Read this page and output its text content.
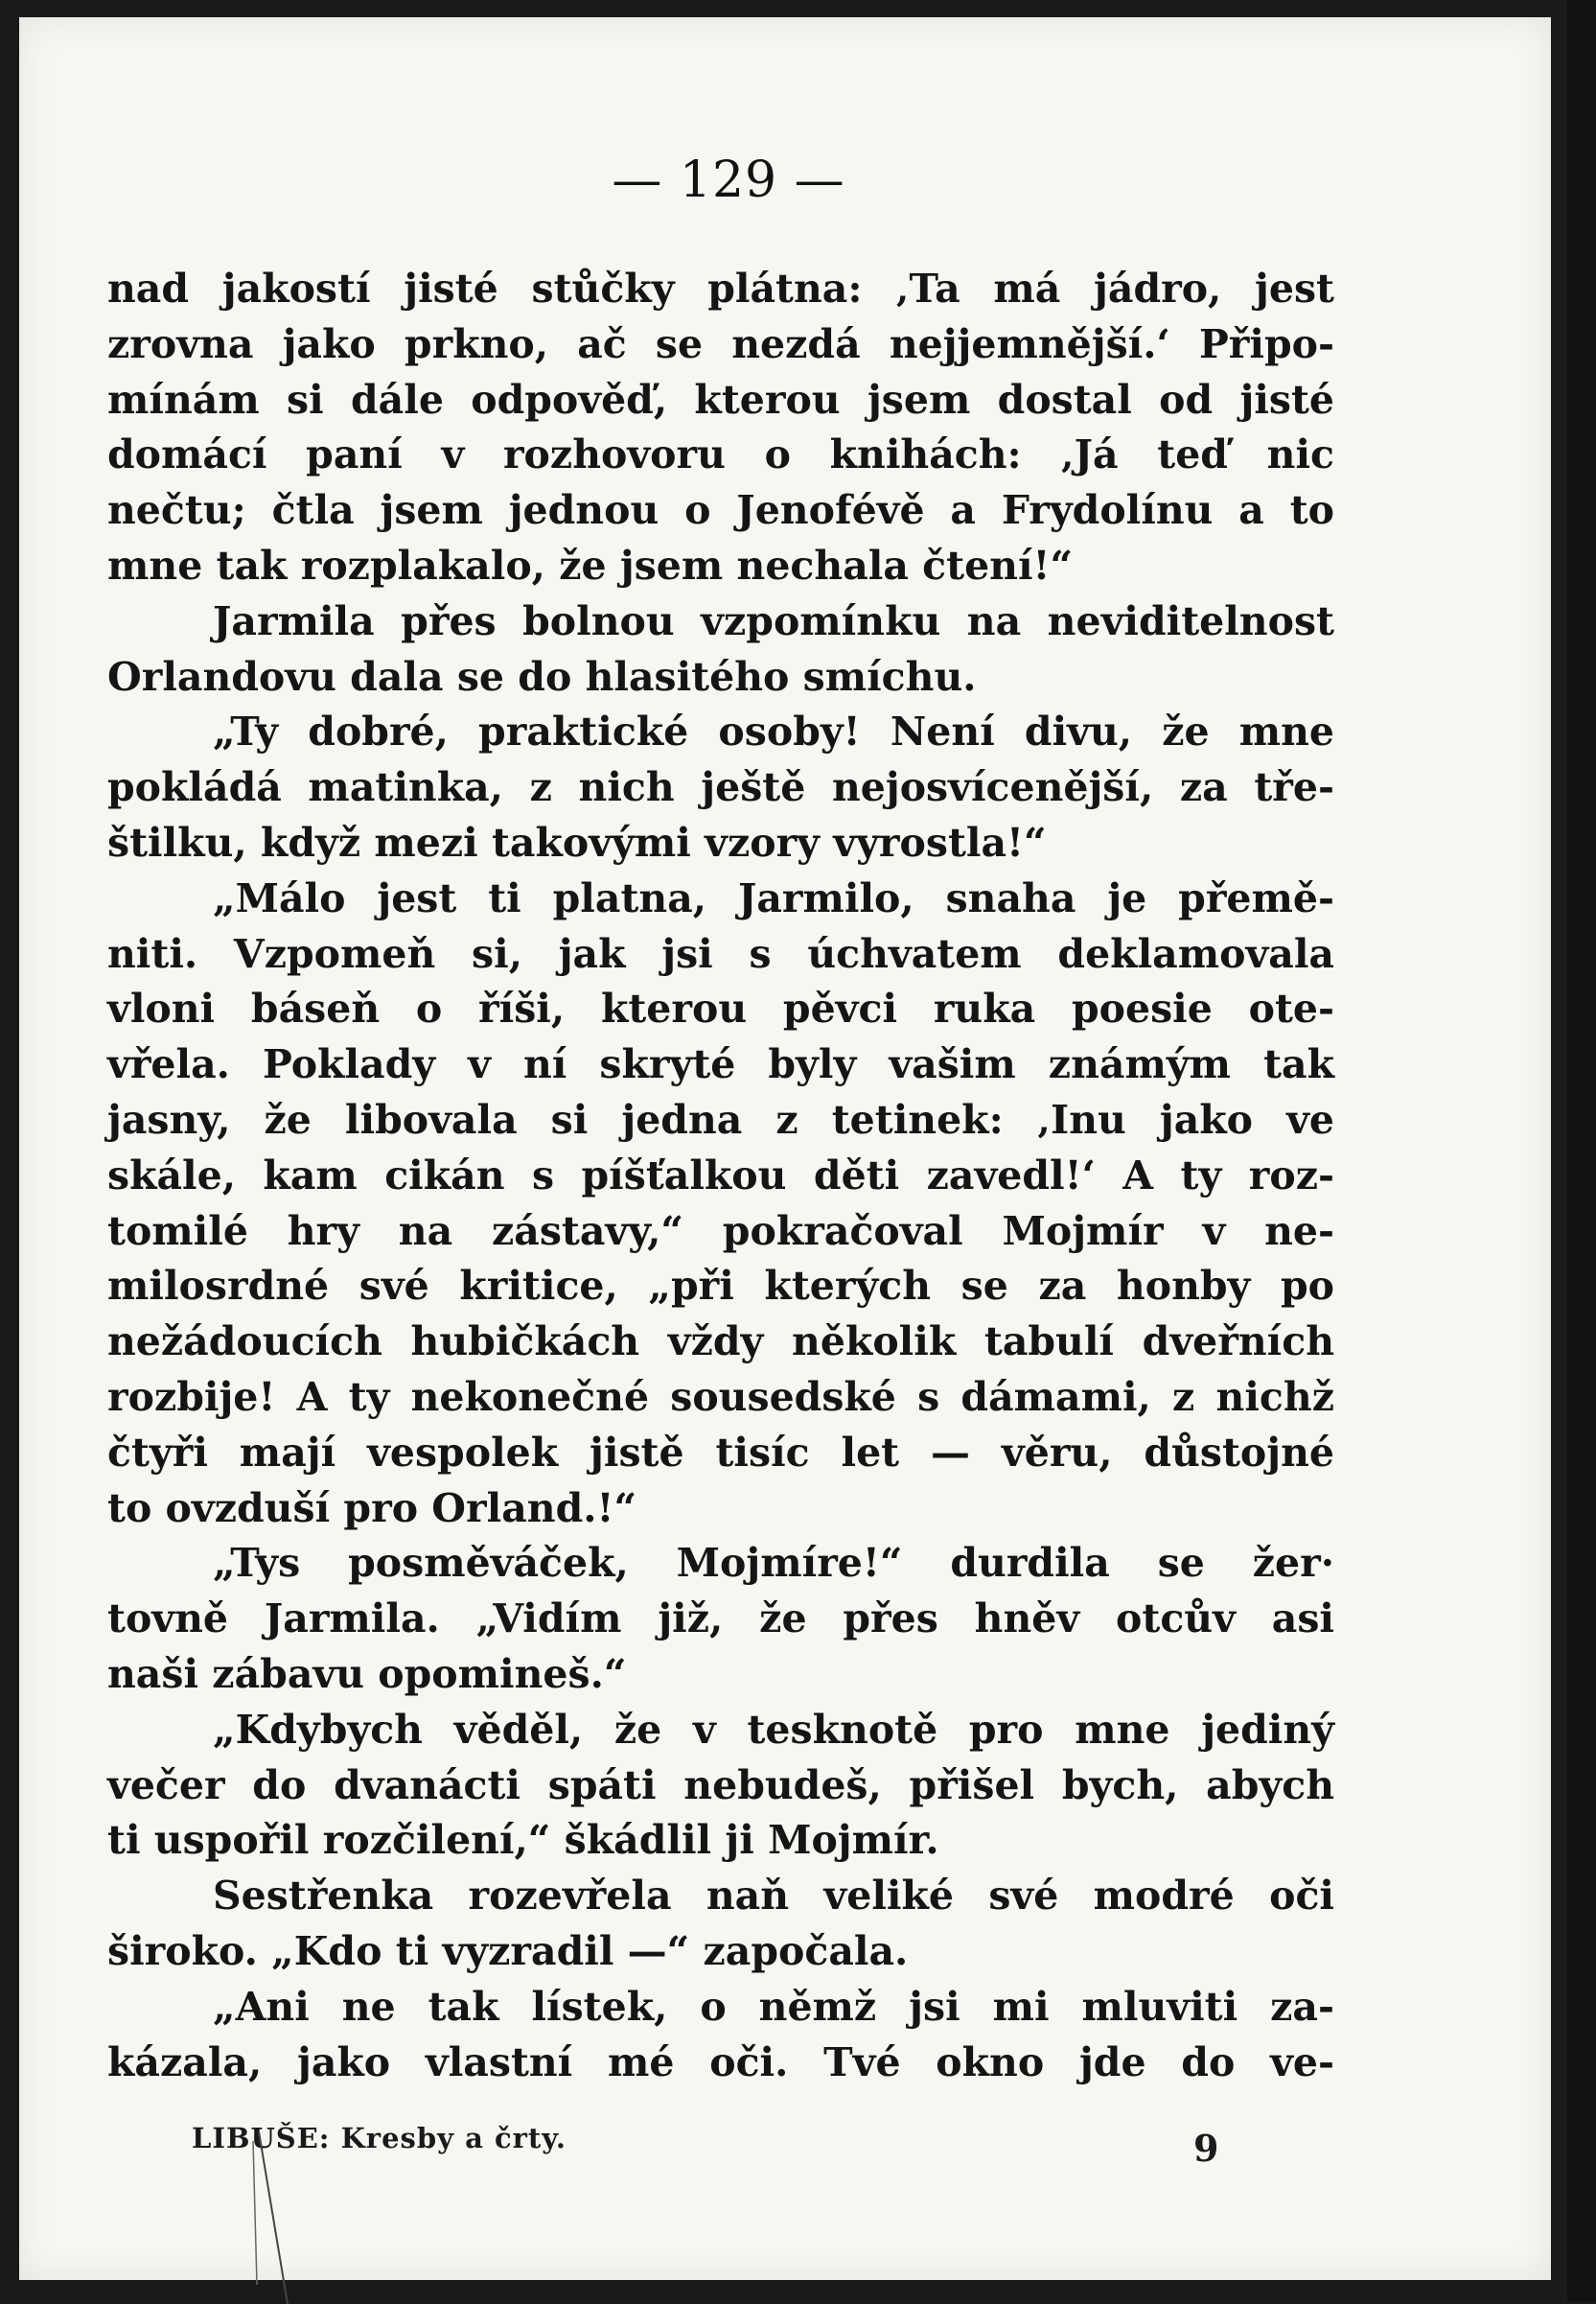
— 129 —
nad jakostí jisté stůčky plátna: ‚Ta má jádro, jest
zrovna jako prkno, ač se nezdá nejjemnější.‘ Připo-
mínám si dále odpověď, kterou jsem dostal od jisté
domácí paní v rozhovoru o knihách: ‚Já teď nic
nečtu; čtla jsem jednou o Jenofévě a Frydolínu a to
mne tak rozplakalo, že jsem nechala čtení!“
Jarmila přes bolnou vzpomínku na neviditelnost
Orlandovu dala se do hlasitého smíchu.
„Ty dobré, praktické osoby! Není divu, že mne
pokládá matinka, z nich ještě nejosvícenější, za tře-
štilku, když mezi takovými vzory vyrostla!“
„Málo jest ti platna, Jarmilo, snaha je přemě-
niti. Vzpomeň si, jak jsi s úchvatem deklamovala
vloni báseň o říši, kterou pěvci ruka poesie ote-
vřela. Poklady v ní skryté byly vašim známým tak
jasny, že libovala si jedna z tetinek: ‚Inu jako ve
skále, kam cikán s píšťalkou děti zavedl!‘ A ty roz-
tomilé hry na zástavy,“ pokračoval Mojmír v ne-
milosrdné své kritice, „při kterých se za honby po
nežádoucích hubičkách vždy několik tabulí dveřních
rozbije! A ty nekonečné sousedské s dámami, z nichž
čtyři mají vespolek jistě tisíc let — věru, důstojné
to ovzduší pro Orland.!“
„Tys posměváček, Mojmíre!“ durdila se žer·
tovně Jarmila. „Vidím již, že přes hněv otcův asi
naši zábavu opomineš.“
„Kdybych věděl, že v tesknotě pro mne jediný
večer do dvanácti spáti nebudeš, přišel bych, abych
ti uspořil rozčilení,“ škádlil ji Mojmír.
Sestřenka rozevřela naň veliké své modré oči
široko. „Kdo ti vyzradil —“ započala.
„Ani ne tak lístek, o němž jsi mi mluviti za-
kázala, jako vlastní mé oči. Tvé okno jde do ve-
LIBUŠE: Kresby a črty.	9
